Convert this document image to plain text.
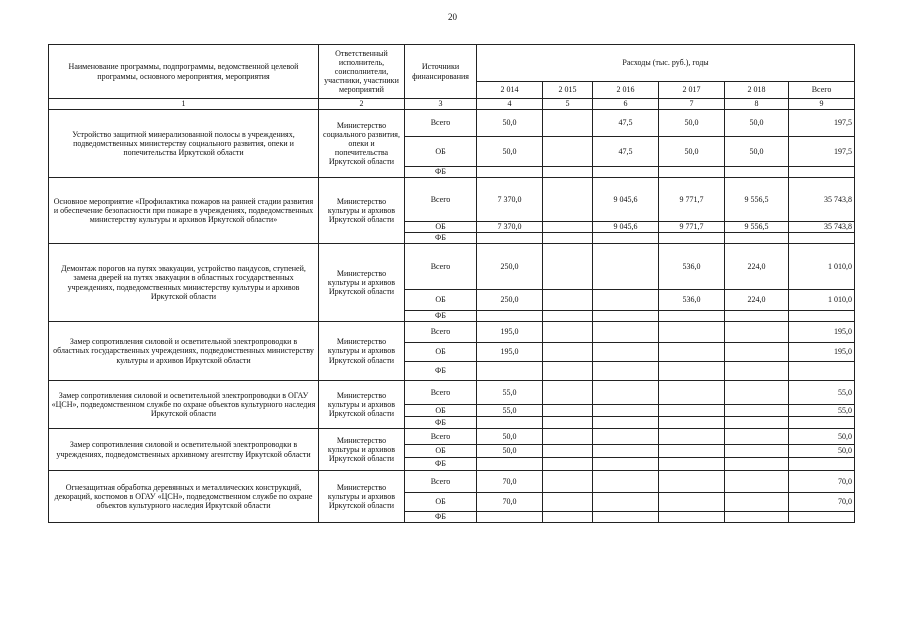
20
Наименование программы, подпрограммы, ведомственной целевой программы, основного мероприятия, мероприятия	Ответственный исполнитель, соисполнители, участники, участники мероприятий	Источники финансирования	Расходы (тыс. руб.), годы					
			2 014	2 015	2 016	2 017	2 018	Всего
1	2	3	4	5	6	7	8	9
Устройство защитной минерализованной полосы в учреждениях, подведомственных министерству социального развития, опеки и попечительства Иркутской области	Министерство социального развития, опеки и попечительства Иркутской области	Всего	50,0		47,5	50,0	50,0	197,5
		ОБ	50,0		47,5	50,0	50,0	197,5
		ФБ						
Основное мероприятие «Профилактика пожаров на ранней стадии развития и обеспечение безопасности при пожаре в учреждениях, подведомственных министерству культуры и архивов Иркутской области»	Министерство культуры и архивов Иркутской области	Всего	7 370,0		9 045,6	9 771,7	9 556,5	35 743,8
		ОБ	7 370,0		9 045,6	9 771,7	9 556,5	35 743,8
		ФБ						
Демонтаж порогов на путях эвакуации, устройство пандусов, ступеней, замена дверей на путях эвакуации в областных государственных учреждениях, подведомственных министерству культуры и архивов Иркутской области	Министерство культуры и архивов Иркутской области	Всего	250,0			536,0	224,0	1 010,0
		ОБ	250,0			536,0	224,0	1 010,0
		ФБ						
Замер сопротивления силовой и осветительной электропроводки в областных государственных учреждениях, подведомственных министерству культуры и архивов Иркутской области	Министерство культуры и архивов Иркутской области	Всего	195,0					195,0
		ОБ	195,0					195,0
		ФБ						
Замер сопротивления силовой и осветительной электропроводки в ОГАУ «ЦСН», подведомственном службе по охране объектов культурного наследия Иркутской области	Министерство культуры и архивов Иркутской области	Всего	55,0					55,0
		ОБ	55,0					55,0
		ФБ						
Замер сопротивления силовой и осветительной электропроводки в учреждениях, подведомственных архивному агентству Иркутской области	Министерство культуры и архивов Иркутской области	Всего	50,0					50,0
		ОБ	50,0					50,0
		ФБ						
Огнезащитная обработка деревянных и металлических конструкций, декораций, костюмов в ОГАУ «ЦСН», подведомственном службе по охране объектов культурного наследия Иркутской области	Министерство культуры и архивов Иркутской области	Всего	70,0					70,0
		ОБ	70,0					70,0
		ФБ						
